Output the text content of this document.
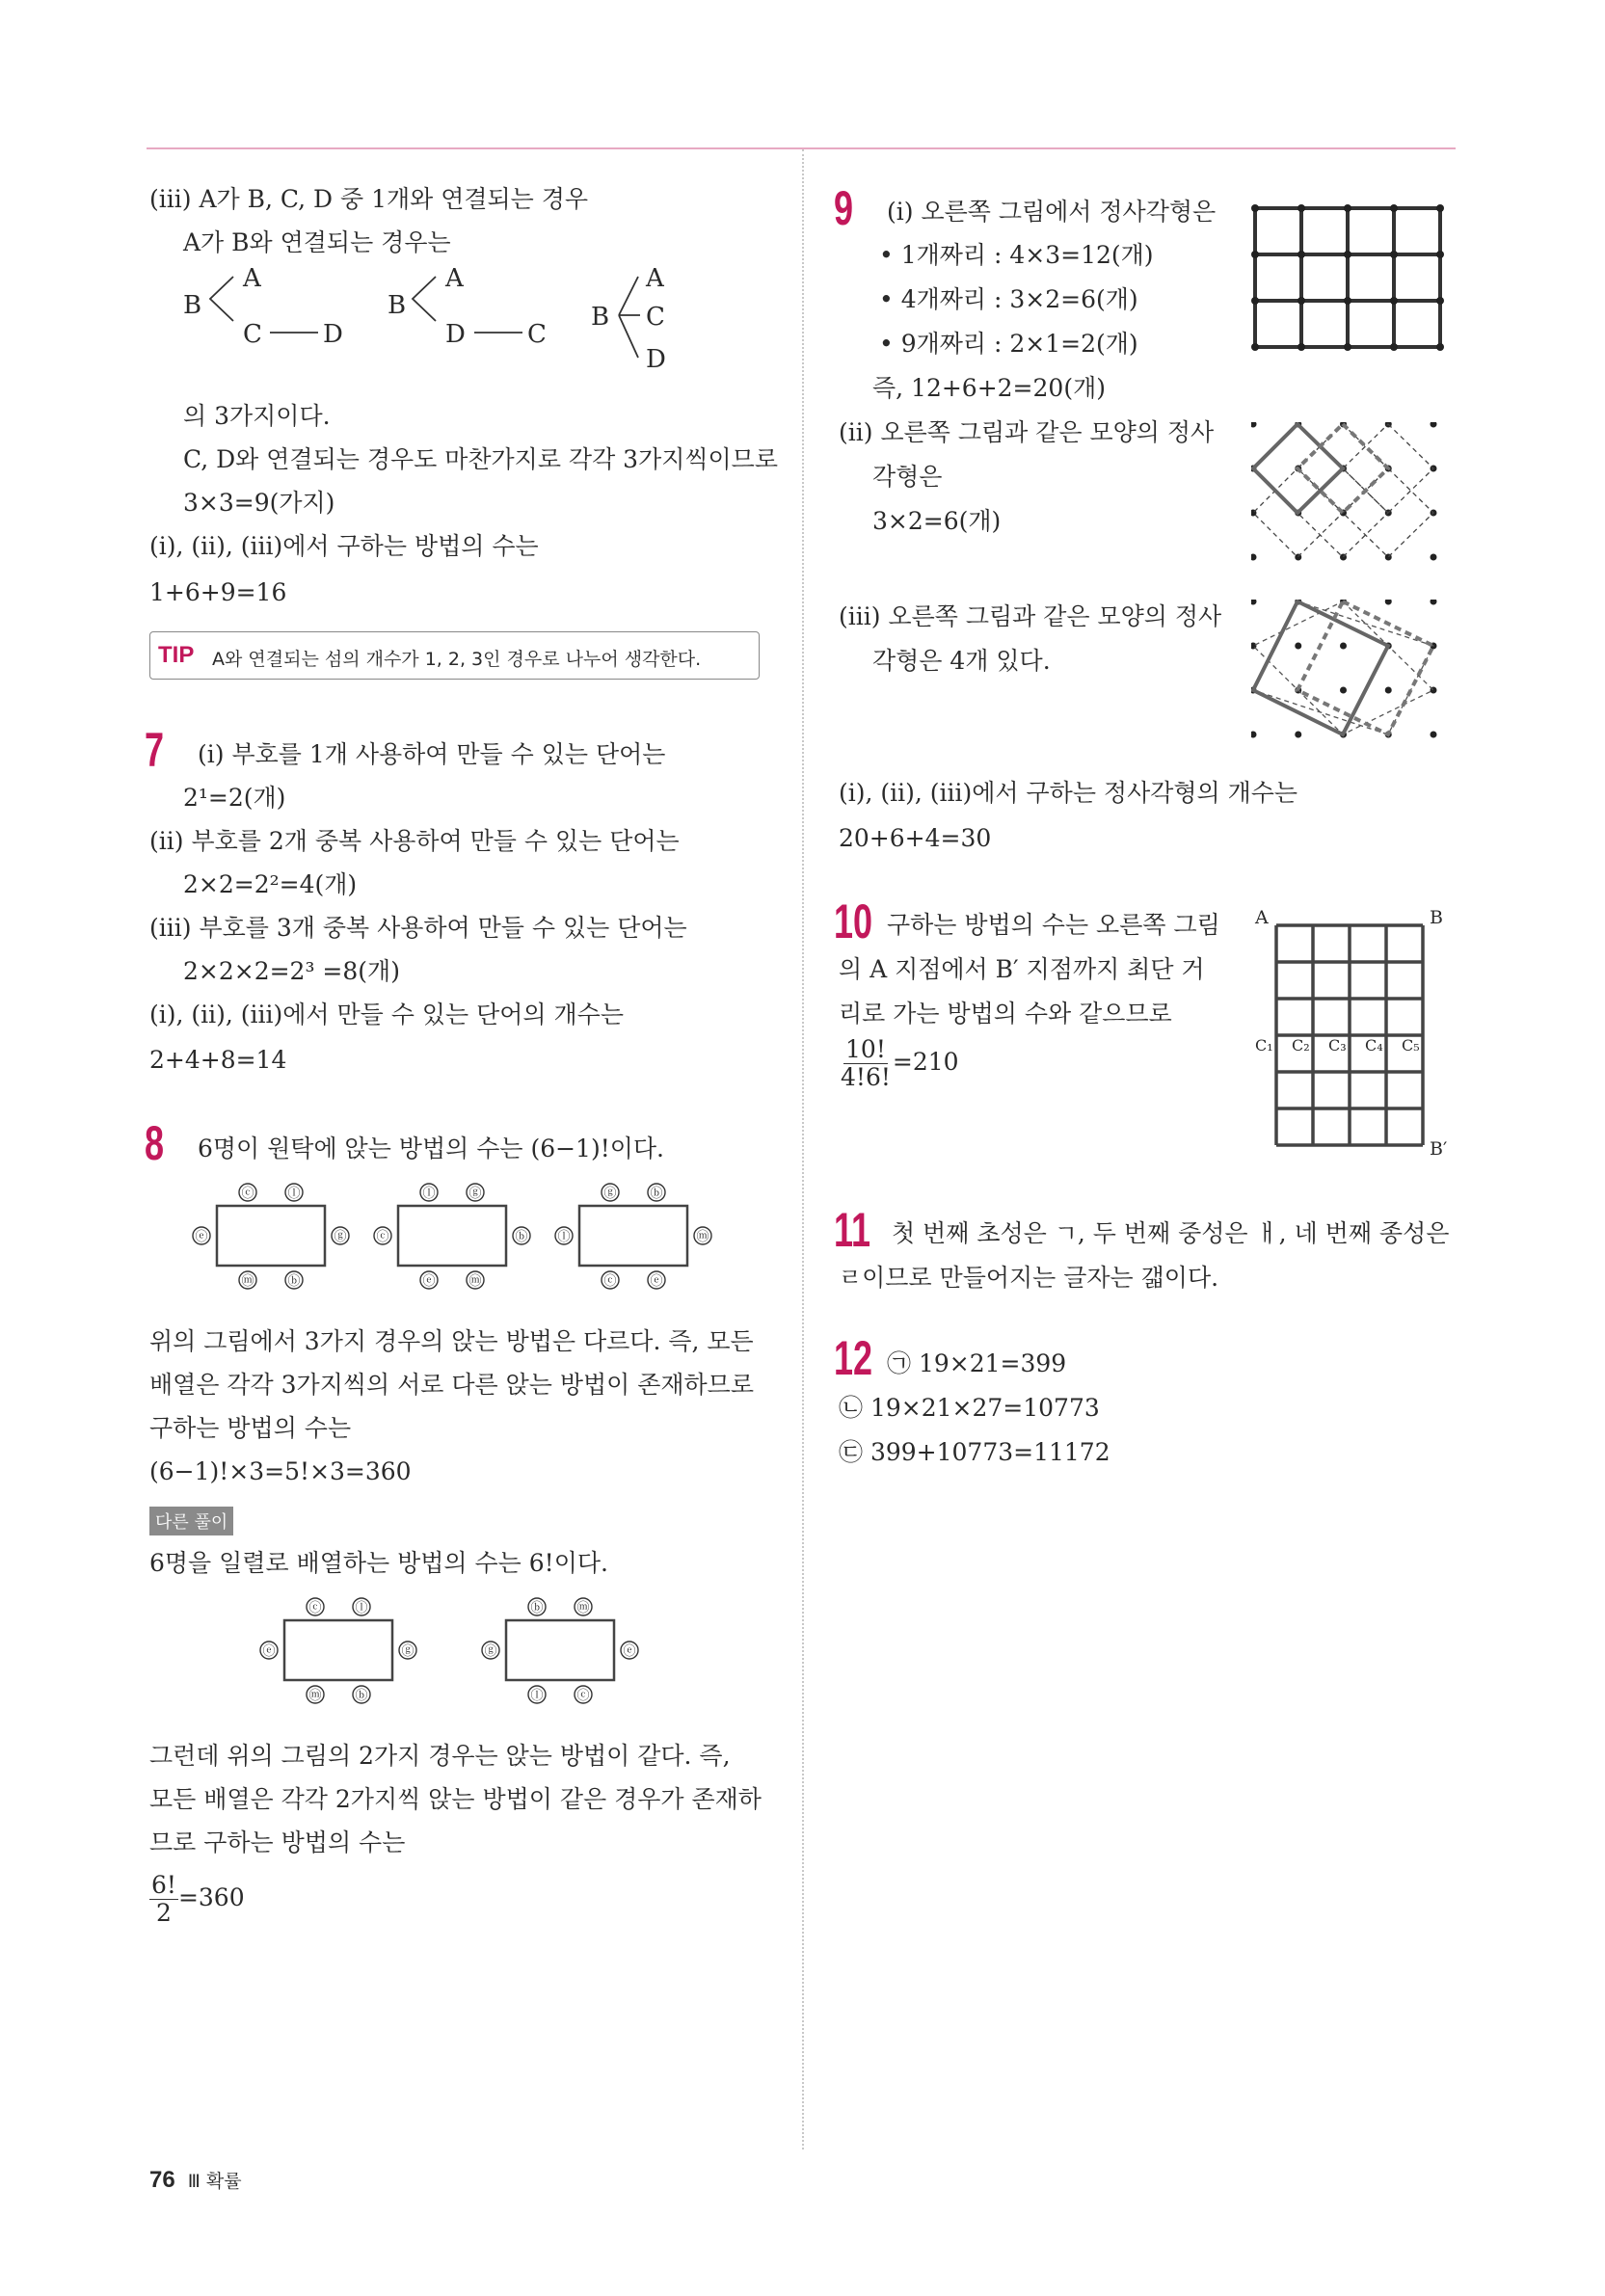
(ⅲ) A가 B, C, D 중 1개와 연결되는 경우
A가 B와 연결되는 경우는
B
A
C D
B
A
D C
B
A
C
D
의 3가지이다.
C, D와 연결되는 경우도 마찬가지로 각각 3가지씩이므로
3×3=9(가지)
(ⅰ), (ⅱ), (ⅲ)에서 구하는 방법의 수는
1+6+9=16
TIP A와 연결되는 섬의 개수가 1, 2, 3인 경우로 나누어 생각한다.
7 (ⅰ) 부호를 1개 사용하여 만들 수 있는 단어는
2¹=2(개)
(ⅱ) 부호를 2개 중복 사용하여 만들 수 있는 단어는
2×2=2²=4(개)
(ⅲ) 부호를 3개 중복 사용하여 만들 수 있는 단어는
2×2×2=2³ =8(개)
(ⅰ), (ⅱ), (ⅲ)에서 만들 수 있는 단어의 개수는
2+4+8=14
8 6명이 원탁에 앉는 방법의 수는 (6−1)!이다.
ⓒ	ⓛ
ⓔ	ⓖ
ⓜ	ⓑ
ⓛ	ⓖ
ⓒ	ⓑ
ⓔ	ⓜ
ⓖ	ⓑ
ⓛ	ⓜ
ⓒ	ⓔ
위의 그림에서 3가지 경우의 앉는 방법은 다르다. 즉, 모든
배열은 각각 3가지씩의 서로 다른 앉는 방법이 존재하므로
구하는 방법의 수는
(6−1)!×3=5!×3=360
다른 풀이
6명을 일렬로 배열하는 방법의 수는 6!이다.
ⓒ	ⓛ
ⓔ	ⓖ
ⓜ	ⓑ
ⓑ	ⓜ
ⓖ	ⓔ
ⓛ	ⓒ
그런데 위의 그림의 2가지 경우는 앉는 방법이 같다. 즉,
모든 배열은 각각 2가지씩 앉는 방법이 같은 경우가 존재하
므로 구하는 방법의 수는
$\frac{6!}{2} =360$
9 (ⅰ) 오른쪽 그림에서 정사각형은
• 1개짜리 : 4×3=12(개)
• 4개짜리 : 3×2=6(개)
• 9개짜리 : 2×1=2(개)
즉, 12+6+2=20(개)
(ⅱ) 오른쪽 그림과 같은 모양의 정사
각형은
3×2=6(개)
(ⅲ) 오른쪽 그림과 같은 모양의 정사
각형은 4개 있다.
(ⅰ), (ⅱ), (ⅲ)에서 구하는 정사각형의 개수는
20+6+4=30
10 구하는 방법의 수는 오른쪽 그림
의 A 지점에서 B′ 지점까지 최단 거
리로 가는 방법의 수와 같으므로
$\frac{10!}{4!6!} =210$
A	B
C₁ C₂ C₃ C₄ C₅
B′
11 첫 번째 초성은 ㄱ, 두 번째 중성은 ㅐ, 네 번째 종성은
ㄹ이므로 만들어지는 글자는 갧이다.
12 ㉠ 19×21=399
㉡ 19×21×27=10773
㉢ 399+10773=11172
76 Ⅲ 확률
